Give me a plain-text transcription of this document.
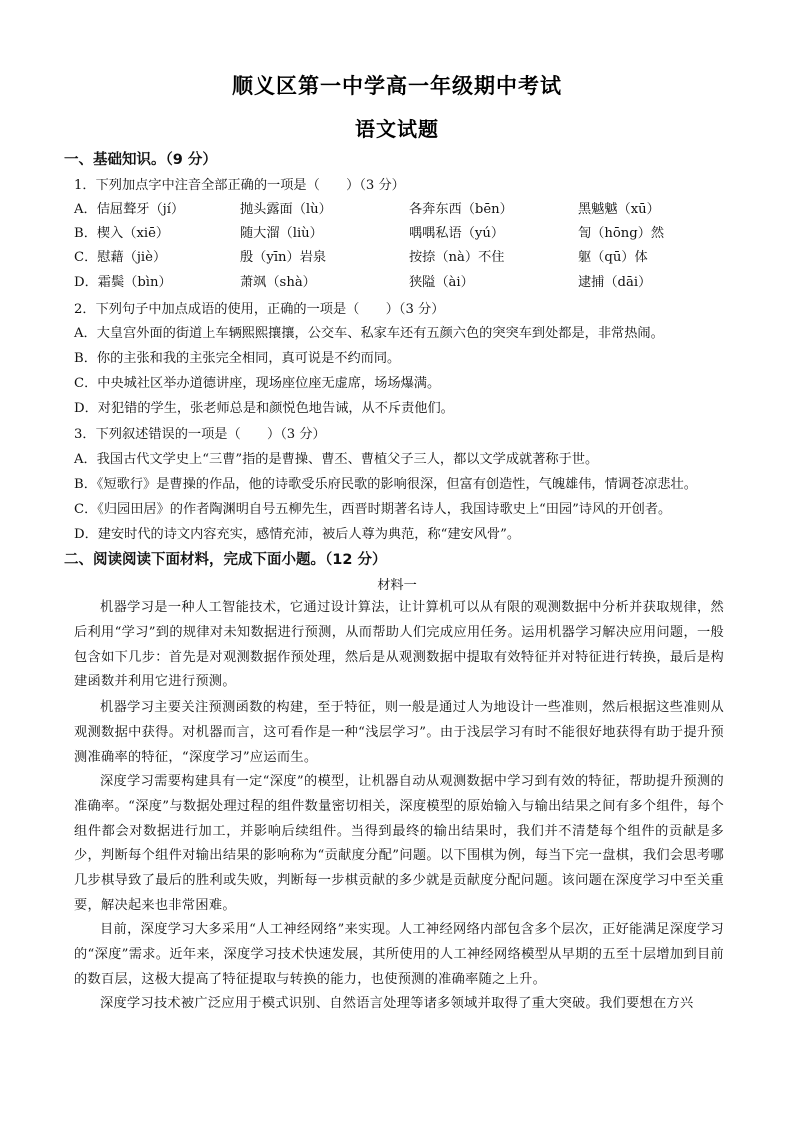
顺义区第一中学高一年级期中考试
语文试题
一、基础知识。（9 分）
1．下列加点字中注音全部正确的一项是（　　）（3 分）
A．佶屈聱牙（jí）	抛头露面（lù）	各奔东西（bēn）	黑魆魆（xū）
B．楔入（xiē）	随大溜（liù）	喁喁私语（yú）	訇（hōng）然
C．慰藉（jiè）	殷（yīn）岩泉	按捺（nà）不住	躯（qū）体
D．霜鬓（bìn）	萧飒（shà）	狭隘（ài）	逮捕（dāi）
2．下列句子中加点成语的使用，正确的一项是（　　）（3 分）
A．大皇宫外面的街道上车辆熙熙攘攘，公交车、私家车还有五颜六色的突突车到处都是，非常热闹。
B．你的主张和我的主张完全相同，真可说是不约而同。
C．中央城社区举办道德讲座，现场座位座无虚席，场场爆满。
D．对犯错的学生，张老师总是和颜悦色地告诫，从不斥责他们。
3．下列叙述错误的一项是（　　）（3 分）
A．我国古代文学史上“三曹”指的是曹操、曹丕、曹植父子三人，都以文学成就著称于世。
B．《短歌行》是曹操的作品，他的诗歌受乐府民歌的影响很深，但富有创造性，气魄雄伟，情调苍凉悲壮。
C．《归园田居》的作者陶渊明自号五柳先生，西晋时期著名诗人，我国诗歌史上“田园”诗风的开创者。
D．建安时代的诗文内容充实，感情充沛，被后人尊为典范，称“建安风骨”。
二、阅读阅读下面材料，完成下面小题。（12 分）
材料一
机器学习是一种人工智能技术，它通过设计算法，让计算机可以从有限的观测数据中分析并获取规律，然后利用“学习”到的规律对未知数据进行预测，从而帮助人们完成应用任务。运用机器学习解决应用问题，一般包含如下几步：首先是对观测数据作预处理，然后是从观测数据中提取有效特征并对特征进行转换，最后是构建函数并利用它进行预测。
机器学习主要关注预测函数的构建，至于特征，则一般是通过人为地设计一些准则，然后根据这些准则从观测数据中获得。对机器而言，这可看作是一种“浅层学习”。由于浅层学习有时不能很好地获得有助于提升预测准确率的特征，“深度学习”应运而生。
深度学习需要构建具有一定“深度”的模型，让机器自动从观测数据中学习到有效的特征，帮助提升预测的准确率。“深度”与数据处理过程的组件数量密切相关，深度模型的原始输入与输出结果之间有多个组件，每个组件都会对数据进行加工，并影响后续组件。当得到最终的输出结果时，我们并不清楚每个组件的贡献是多少，判断每个组件对输出结果的影响称为“贡献度分配”问题。以下围棋为例，每当下完一盘棋，我们会思考哪几步棋导致了最后的胜利或失败，判断每一步棋贡献的多少就是贡献度分配问题。该问题在深度学习中至关重要，解决起来也非常困难。
目前，深度学习大多采用“人工神经网络”来实现。人工神经网络内部包含多个层次，正好能满足深度学习的“深度”需求。近年来，深度学习技术快速发展，其所使用的人工神经网络模型从早期的五至十层增加到目前的数百层，这极大提高了特征提取与转换的能力，也使预测的准确率随之上升。
深度学习技术被广泛应用于模式识别、自然语言处理等诸多领域并取得了重大突破。我们要想在方兴
